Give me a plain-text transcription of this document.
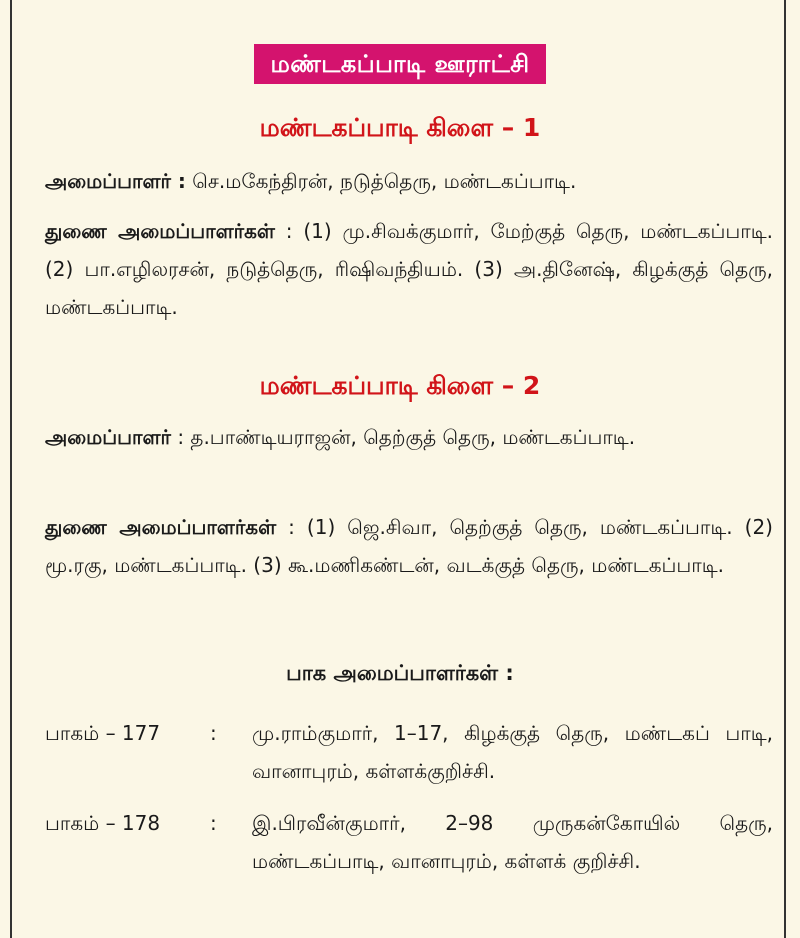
மண்டகப்பாடி ஊராட்சி
மண்டகப்பாடி கிளை – 1
அமைப்பாளர் : செ.மகேந்திரன், நடுத்தெரு, மண்டகப்பாடி.
துணை அமைப்பாளர்கள் : (1) மு.சிவக்குமார், மேற்குத் தெரு, மண்டகப்பாடி. (2) பா.எழிலரசன், நடுத்தெரு, ரிஷிவந்தியம். (3) அ.தினேஷ், கிழக்குத் தெரு, மண்டகப்பாடி.
மண்டகப்பாடி கிளை – 2
அமைப்பாளர் : த.பாண்டியராஜன், தெற்குத் தெரு, மண்டகப்பாடி.
துணை அமைப்பாளர்கள் : (1) ஜெ.சிவா, தெற்குத் தெரு, மண்டகப்பாடி. (2) மூ.ரகு, மண்டகப்பாடி. (3) கூ.மணிகண்டன், வடக்குத் தெரு, மண்டகப்பாடி.
பாக அமைப்பாளர்கள் :
பாகம் – 177	:	மு.ராம்குமார், 1–17, கிழக்குத் தெரு, மண்டகப் பாடி, வானாபுரம், கள்ளக்குறிச்சி.
பாகம் – 178	:	இ.பிரவீன்குமார், 2–98 முருகன்கோயில் தெரு, மண்டகப்பாடி, வானாபுரம், கள்ளக் குறிச்சி.
